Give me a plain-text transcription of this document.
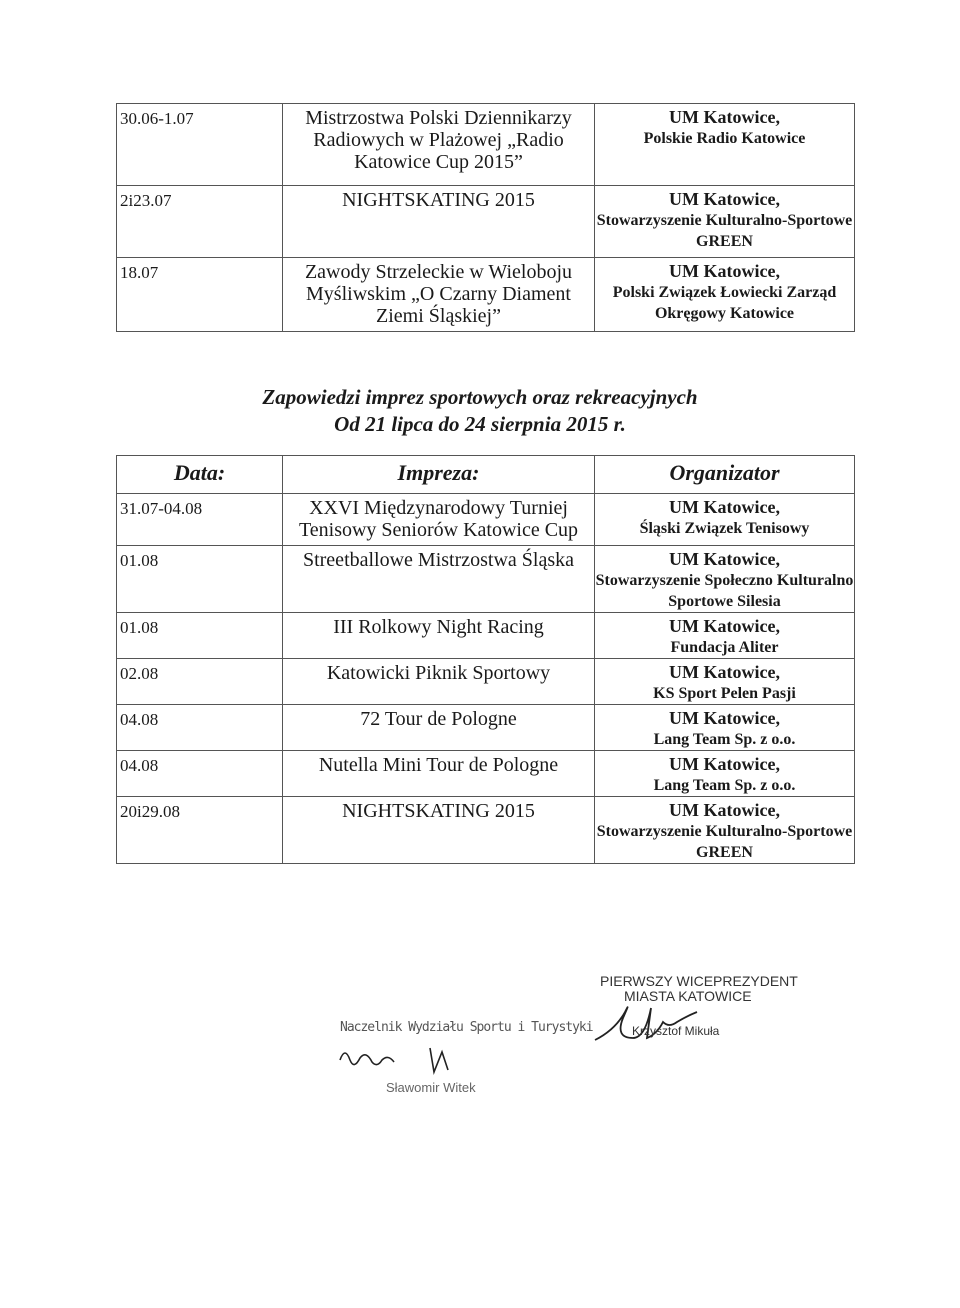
30.06-1.07	Mistrzostwa Polski Dziennikarzy Radiowych w Plażowej „Radio Katowice Cup 2015”	UM Katowice,
Polskie Radio Katowice
2i23.07	NIGHTSKATING 2015	UM Katowice,
Stowarzyszenie Kulturalno-Sportowe GREEN
18.07	Zawody Strzeleckie w Wieloboju Myśliwskim „O Czarny Diament Ziemi Śląskiej”	UM Katowice,
Polski Związek Łowiecki Zarząd Okręgowy Katowice
Zapowiedzi imprez sportowych oraz rekreacyjnych
Od 21 lipca do 24 sierpnia 2015 r.
Data:	Impreza:	Organizator
31.07-04.08	XXVI Międzynarodowy Turniej Tenisowy Seniorów Katowice Cup	UM Katowice,
Śląski Związek Tenisowy
01.08	Streetballowe Mistrzostwa Śląska	UM Katowice,
Stowarzyszenie Społeczno Kulturalno Sportowe Silesia
01.08	III Rolkowy Night Racing	UM Katowice,
Fundacja Aliter
02.08	Katowicki Piknik Sportowy	UM Katowice,
KS Sport Pelen Pasji
04.08	72 Tour de Pologne	UM Katowice,
Lang Team Sp. z o.o.
04.08	Nutella Mini Tour de Pologne	UM Katowice,
Lang Team Sp. z o.o.
20i29.08	NIGHTSKATING 2015	UM Katowice,
Stowarzyszenie Kulturalno-Sportowe GREEN
Naczelnik Wydziału Sportu i Turystyki
Sławomir Witek
PIERWSZY WICEPREZYDENT
MIASTA KATOWICE
Krzysztof Mikuła
